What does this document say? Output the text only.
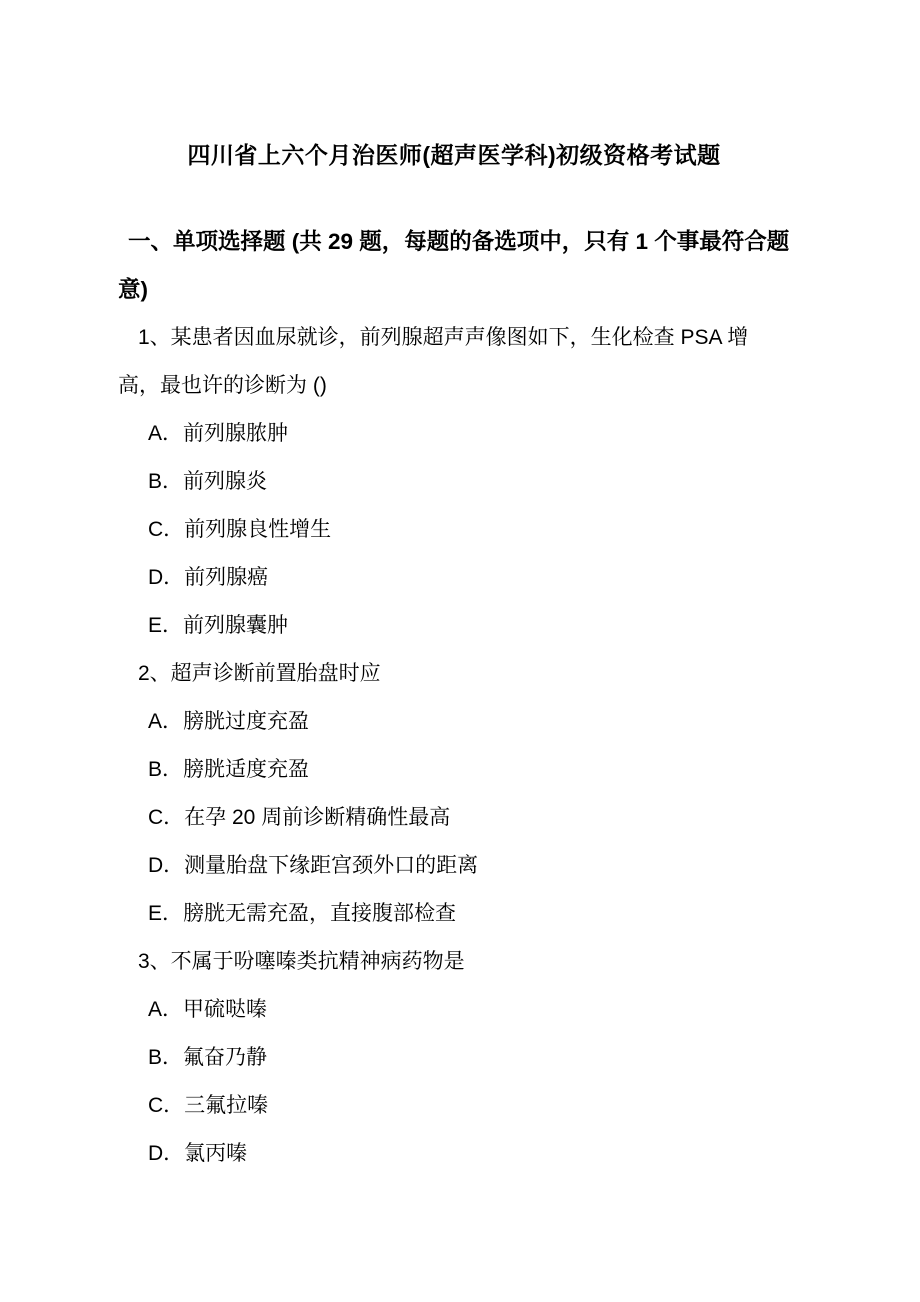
四川省上六个月治医师(超声医学科)初级资格考试题

一、单项选择题 (共 29 题，每题的备选项中，只有 1 个事最符合题意)

1、某患者因血尿就诊，前列腺超声声像图如下，生化检查 PSA 增高，最也许的诊断为 ()

A．前列腺脓肿

B．前列腺炎

C．前列腺良性增生

D．前列腺癌

E．前列腺囊肿

2、超声诊断前置胎盘时应

A．膀胱过度充盈

B．膀胱适度充盈

C．在孕 20 周前诊断精确性最高

D．测量胎盘下缘距宫颈外口的距离

E．膀胱无需充盈，直接腹部检查

3、不属于吩噻嗪类抗精神病药物是

A．甲硫哒嗪

B．氟奋乃静

C．三氟拉嗪

D．氯丙嗪
